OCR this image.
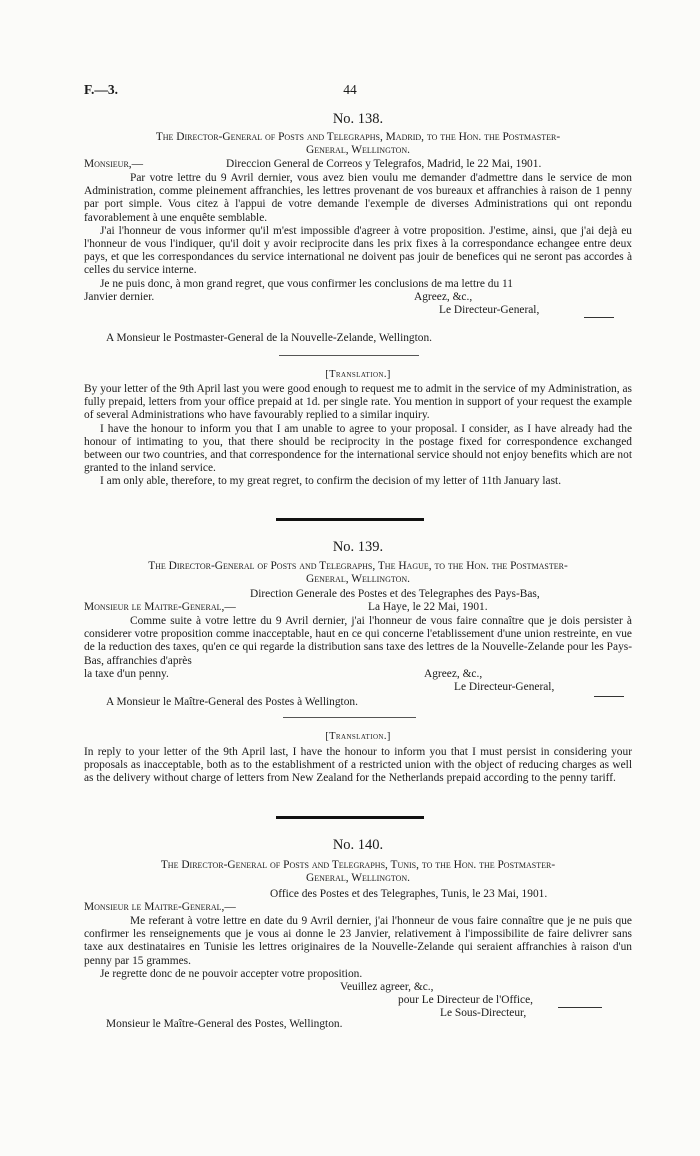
F.—3.	44
No. 138.

The Director-General of Posts and Telegraphs, Madrid, to the Hon. the Postmaster-

General, Wellington.

Monsieur,—	Direccion General de Correos y Telegrafos, Madrid, le 22 Mai, 1901.

Par votre lettre du 9 Avril dernier, vous avez bien voulu me demander d'admettre dans le service de mon Administration, comme pleinement affranchies, les lettres provenant de vos bureaux et affranchies à raison de 1 penny par port simple. Vous citez à l'appui de votre demande l'exemple de diverses Administrations qui ont repondu favorablement à une enquête semblable.

J'ai l'honneur de vous informer qu'il m'est impossible d'agreer à votre proposition. J'estime, ainsi, que j'ai dejà eu l'honneur de vous l'indiquer, qu'il doit y avoir reciprocite dans les prix fixes à la correspondance echangee entre deux pays, et que les correspondances du service international ne doivent pas jouir de benefices qui ne seront pas accordes à celles du service interne.

Je ne puis donc, à mon grand regret, que vous confirmer les conclusions de ma lettre du 11

Janvier dernier.	Agreez, &c.,
Le Directeur-General,

A Monsieur le Postmaster-General de la Nouvelle-Zelande, Wellington.

[Translation.]

By your letter of the 9th April last you were good enough to request me to admit in the service of my Administration, as fully prepaid, letters from your office prepaid at 1d. per single rate. You mention in support of your request the example of several Administrations who have favourably replied to a similar inquiry.

I have the honour to inform you that I am unable to agree to your proposal. I consider, as I have already had the honour of intimating to you, that there should be reciprocity in the postage fixed for correspondence exchanged between our two countries, and that correspondence for the international service should not enjoy benefits which are not granted to the inland service.

I am only able, therefore, to my great regret, to confirm the decision of my letter of 11th January last.

No. 139.

The Director-General of Posts and Telegraphs, The Hague, to the Hon. the Postmaster-

General, Wellington.

Direction Generale des Postes et des Telegraphes des Pays-Bas,
Monsieur le Maitre-General,—	La Haye, le 22 Mai, 1901.

Comme suite à votre lettre du 9 Avril dernier, j'ai l'honneur de vous faire connaître que je dois persister à considerer votre proposition comme inacceptable, haut en ce qui concerne l'etablissement d'une union restreinte, en vue de la reduction des taxes, qu'en ce qui regarde la distribution sans taxe des lettres de la Nouvelle-Zelande pour les Pays-Bas, affranchies d'après

la taxe d'un penny.	Agreez, &c.,
Le Directeur-General,
A Monsieur le Maître-General des Postes à Wellington.

[Translation.]

In reply to your letter of the 9th April last, I have the honour to inform you that I must persist in considering your proposals as inacceptable, both as to the establishment of a restricted union with the object of reducing charges as well as the delivery without charge of letters from New Zealand for the Netherlands prepaid according to the penny tariff.

No. 140.

The Director-General of Posts and Telegraphs, Tunis, to the Hon. the Postmaster-

General, Wellington.

Office des Postes et des Telegraphes, Tunis, le 23 Mai, 1901.
Monsieur le Maitre-General,—

Me referant à votre lettre en date du 9 Avril dernier, j'ai l'honneur de vous faire connaître que je ne puis que confirmer les renseignements que je vous ai donne le 23 Janvier, relativement à l'impossibilite de faire delivrer sans taxe aux destinataires en Tunisie les lettres originaires de la Nouvelle-Zelande qui seraient affranchies à raison d'un penny par 15 grammes.

Je regrette donc de ne pouvoir accepter votre proposition.

Veuillez agreer, &c.,
pour Le Directeur de l'Office,
Le Sous-Directeur,

Monsieur le Maître-General des Postes, Wellington.
